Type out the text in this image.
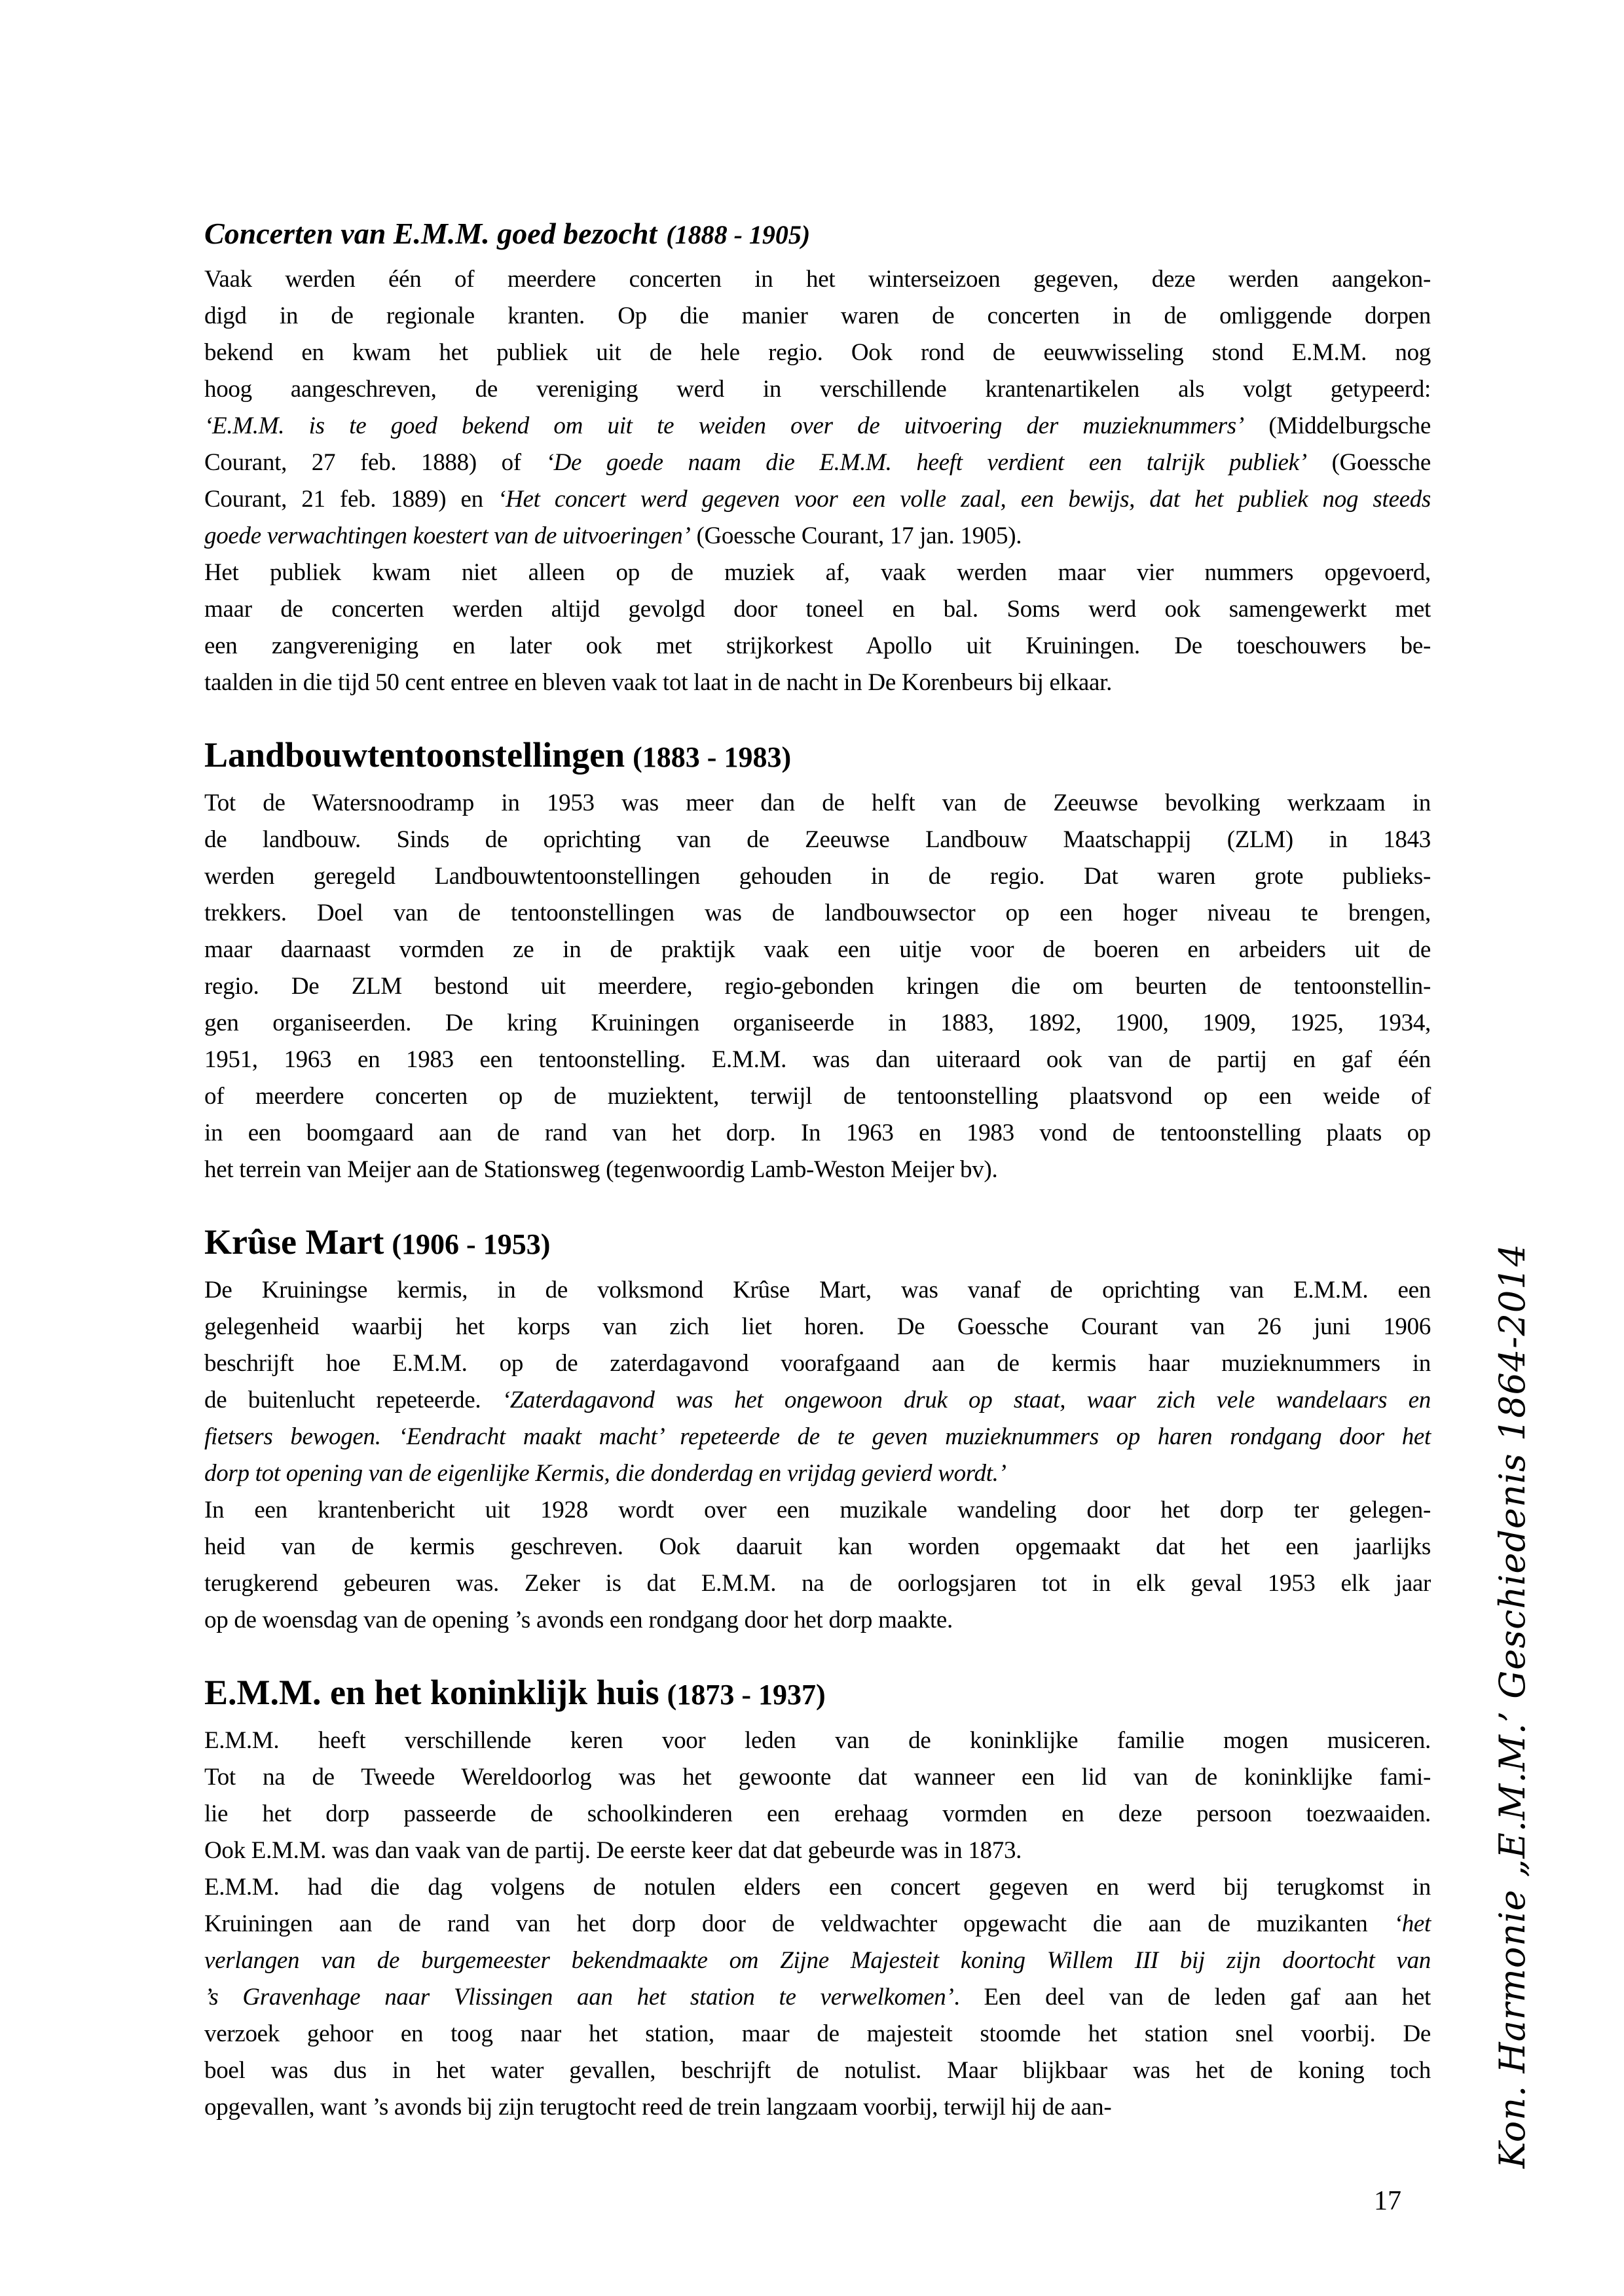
Concerten van E.M.M. goed bezocht (1888 - 1905)
Vaak werden één of meerdere concerten in het winterseizoen gegeven, deze werden aangekon-
digd in de regionale kranten. Op die manier waren de concerten in de omliggende dorpen
bekend en kwam het publiek uit de hele regio. Ook rond de eeuwwisseling stond E.M.M. nog
hoog aangeschreven, de vereniging werd in verschillende krantenartikelen als volgt getypeerd:
‘E.M.M. is te goed bekend om uit te weiden over de uitvoering der muzieknummers’ (Middelburgsche
Courant, 27 feb. 1888) of ‘De goede naam die E.M.M. heeft verdient een talrijk publiek’ (Goessche
Courant, 21 feb. 1889) en ‘Het concert werd gegeven voor een volle zaal, een bewijs, dat het publiek nog steeds
goede verwachtingen koestert van de uitvoeringen’ (Goessche Courant, 17 jan. 1905).
Het publiek kwam niet alleen op de muziek af, vaak werden maar vier nummers opgevoerd,
maar de concerten werden altijd gevolgd door toneel en bal. Soms werd ook samengewerkt met
een zangvereniging en later ook met strijkorkest Apollo uit Kruiningen. De toeschouwers be-
taalden in die tijd 50 cent entree en bleven vaak tot laat in de nacht in De Korenbeurs bij elkaar.
Landbouwtentoonstellingen (1883 - 1983)
Tot de Watersnoodramp in 1953 was meer dan de helft van de Zeeuwse bevolking werkzaam in
de landbouw. Sinds de oprichting van de Zeeuwse Landbouw Maatschappij (ZLM) in 1843
werden geregeld Landbouwtentoonstellingen gehouden in de regio. Dat waren grote publieks-
trekkers. Doel van de tentoonstellingen was de landbouwsector op een hoger niveau te brengen,
maar daarnaast vormden ze in de praktijk vaak een uitje voor de boeren en arbeiders uit de
regio. De ZLM bestond uit meerdere, regio-gebonden kringen die om beurten de tentoonstellin-
gen organiseerden. De kring Kruiningen organiseerde in 1883, 1892, 1900, 1909, 1925, 1934,
1951, 1963 en 1983 een tentoonstelling. E.M.M. was dan uiteraard ook van de partij en gaf één
of meerdere concerten op de muziektent, terwijl de tentoonstelling plaatsvond op een weide of
in een boomgaard aan de rand van het dorp. In 1963 en 1983 vond de tentoonstelling plaats op
het terrein van Meijer aan de Stationsweg (tegenwoordig Lamb-Weston Meijer bv).
Krûse Mart (1906 - 1953)
De Kruiningse kermis, in de volksmond Krûse Mart, was vanaf de oprichting van E.M.M. een
gelegenheid waarbij het korps van zich liet horen. De Goessche Courant van 26 juni 1906
beschrijft hoe E.M.M. op de zaterdagavond voorafgaand aan de kermis haar muzieknummers in
de buitenlucht repeteerde. ‘Zaterdagavond was het ongewoon druk op staat, waar zich vele wandelaars en
fietsers bewogen. ‘Eendracht maakt macht’ repeteerde de te geven muzieknummers op haren rondgang door het
dorp tot opening van de eigenlijke Kermis, die donderdag en vrijdag gevierd wordt.’
In een krantenbericht uit 1928 wordt over een muzikale wandeling door het dorp ter gelegen-
heid van de kermis geschreven. Ook daaruit kan worden opgemaakt dat het een jaarlijks
terugkerend gebeuren was. Zeker is dat E.M.M. na de oorlogsjaren tot in elk geval 1953 elk jaar
op de woensdag van de opening ’s avonds een rondgang door het dorp maakte.
E.M.M. en het koninklijk huis (1873 - 1937)
E.M.M. heeft verschillende keren voor leden van de koninklijke familie mogen musiceren.
Tot na de Tweede Wereldoorlog was het gewoonte dat wanneer een lid van de koninklijke fami-
lie het dorp passeerde de schoolkinderen een erehaag vormden en deze persoon toezwaaiden.
Ook E.M.M. was dan vaak van de partij. De eerste keer dat dat gebeurde was in 1873.
E.M.M. had die dag volgens de notulen elders een concert gegeven en werd bij terugkomst in
Kruiningen aan de rand van het dorp door de veldwachter opgewacht die aan de muzikanten ‘het
verlangen van de burgemeester bekendmaakte om Zijne Majesteit koning Willem III bij zijn doortocht van
’s Gravenhage naar Vlissingen aan het station te verwelkomen’. Een deel van de leden gaf aan het
verzoek gehoor en toog naar het station, maar de majesteit stoomde het station snel voorbij. De
boel was dus in het water gevallen, beschrijft de notulist. Maar blijkbaar was het de koning toch
opgevallen, want ’s avonds bij zijn terugtocht reed de trein langzaam voorbij, terwijl hij de aan-	Kon. Harmonie „E.M.M.’ Geschiedenis 1864-2014
17
